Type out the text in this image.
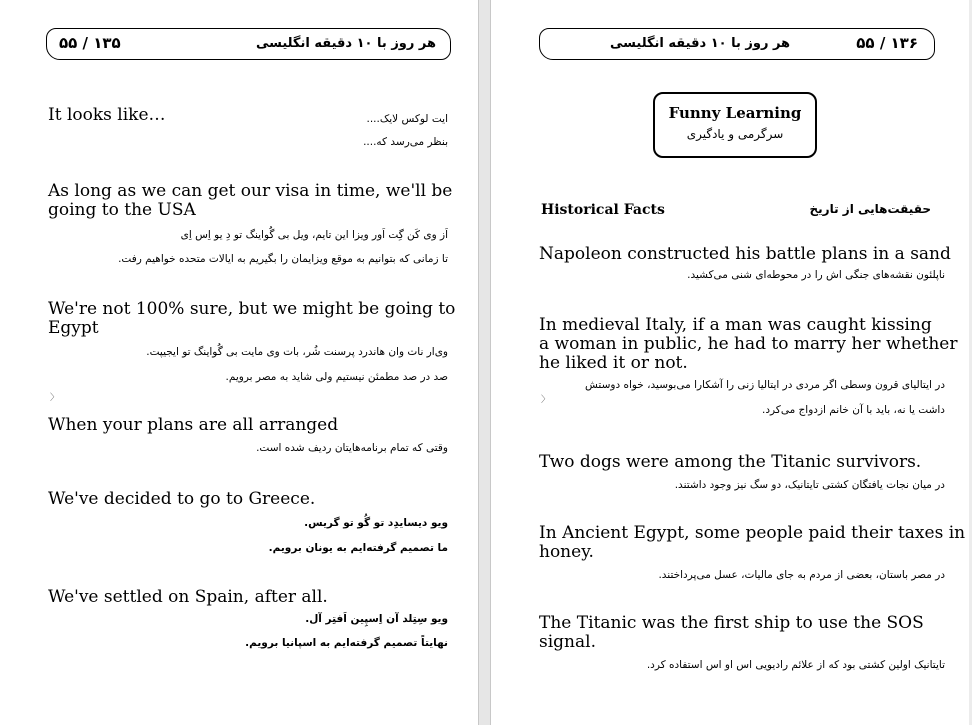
هر روز با ۱۰ دقیقه انگلیسی
۱۳۵ / ۵۵
It looks like…	ایت لوکس لایک....
بنظر می‌رسد که....
As long as we can get our visa in time, we'll be
going to the USA
اَز وی کَن گِت اَور ویزا این تایم، ویل بی گُواینگ تو دِ یو اِس اِی
تا زمانی که بتوانیم به موقع ویزایمان را بگیریم به ایالات متحده خواهیم رفت.
We're not 100% sure, but we might be going to
Egypt
وی‌ار نات وان هاندرد پرسنت شُر، بات وی مایت بی گُواینگ تو ایجیپت.
صد در صد مطمئن نیستیم ولی شاید به مصر برویم.
〉
When your plans are all arranged
وقتی که تمام برنامه‌هایتان ردیف شده است.
We've decided to go to Greece.
ویو دیسایدِد تو گُو تو گریس.
ما تصمیم گرفته‌ایم به یونان برویم.
We've settled on Spain, after all.
ویو سِتِلد آن اِسپِین اَفتِر آل.
نهایتاً تصمیم گرفته‌ایم به اسپانیا برویم.
هر روز با ۱۰ دقیقه انگلیسی	۱۳۶ / ۵۵
Funny Learning
سرگرمی و یادگیری
Historical Facts	حقیقت‌هایی از تاریخ
Napoleon constructed his battle plans in a sand
ناپلئون نقشه‌های جنگی اش را در محوطه‌ای شنی می‌کشید.
In medieval Italy, if a man was caught kissing
a woman in public, he had to marry her whether
he liked it or not.
در ایتالیای قرون وسطی اگر مردی در ایتالیا زنی را آشکارا می‌بوسید، خواه دوستش
〉
داشت یا نه، باید با آن خانم ازدواج می‌کرد.
Two dogs were among the Titanic survivors.
در میان نجات یافتگان کشتی تایتانیک، دو سگ نیز وجود داشتند.
In Ancient Egypt, some people paid their taxes in
honey.
در مصر باستان، بعضی از مردم به جای مالیات، عسل می‌پرداختند.
The Titanic was the first ship to use the SOS
signal.
تایتانیک اولین کشتی بود که از علائم رادیویی اس او اس استفاده کرد.
